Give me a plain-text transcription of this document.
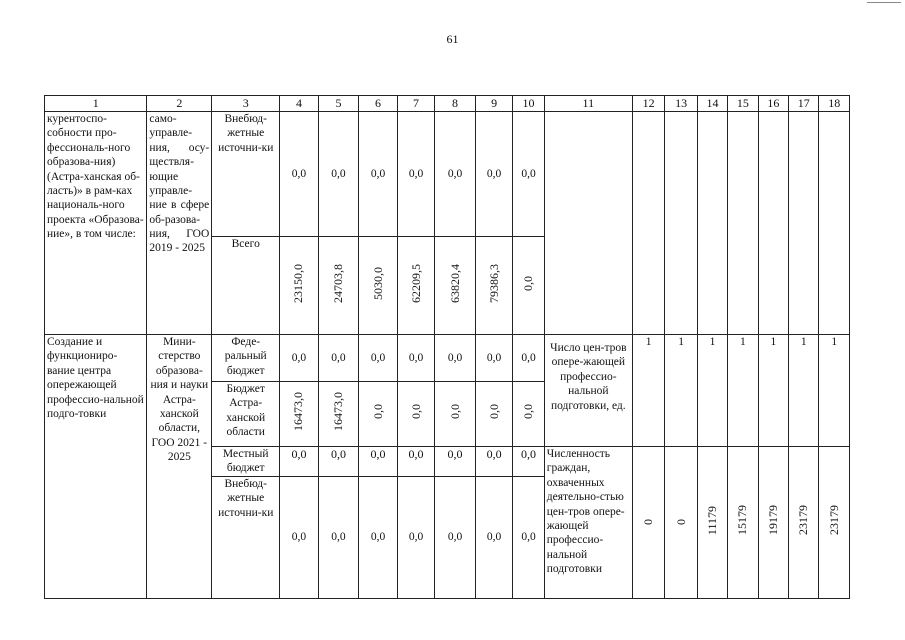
61
1	2	3	4	5	6	7	8	9	10	11	12	13	14	15	16	17	18
курентоспо-собности про-фессиональ-ного образова-ния) (Астра-ханская об-ласть)» в рам-ках националь-ного проекта «Образова-ние», в том числе:	само-управле-ния, осу-ществля-ющие управле-ние в сфере об-разова-ния, ГОО 2019 - 2025	Внебюд-жетные источни-ки	0,0	0,0	0,0	0,0	0,0	0,0	0,0								
		Всего	23150,0	24703,8	5030,0	62209,5	63820,4	79386,3	0,0								
Создание и функциониро-вание центра опережающей профессио-нальной подго-товки	Мини-стерство образова-ния и науки Астра-ханской области, ГОО 2021 - 2025	Феде-ральный бюджет	0,0	0,0	0,0	0,0	0,0	0,0	0,0	Число цен-тров опере-жающей профессио-нальной подготовки, ед.	1	1	1	1	1	1	1
		Бюджет Астра-ханской области	16473,0	16473,0	0,0	0,0	0,0	0,0	0,0								
		Местный бюджет	0,0	0,0	0,0	0,0	0,0	0,0	0,0	Численность граждан, охваченных деятельно-стью цен-тров опере-жающей профессио-нальной подготовки	0	0	11179	15179	19179	23179	23179
		Внебюд-жетные источни-ки	0,0	0,0	0,0	0,0	0,0	0,0	0,0								
